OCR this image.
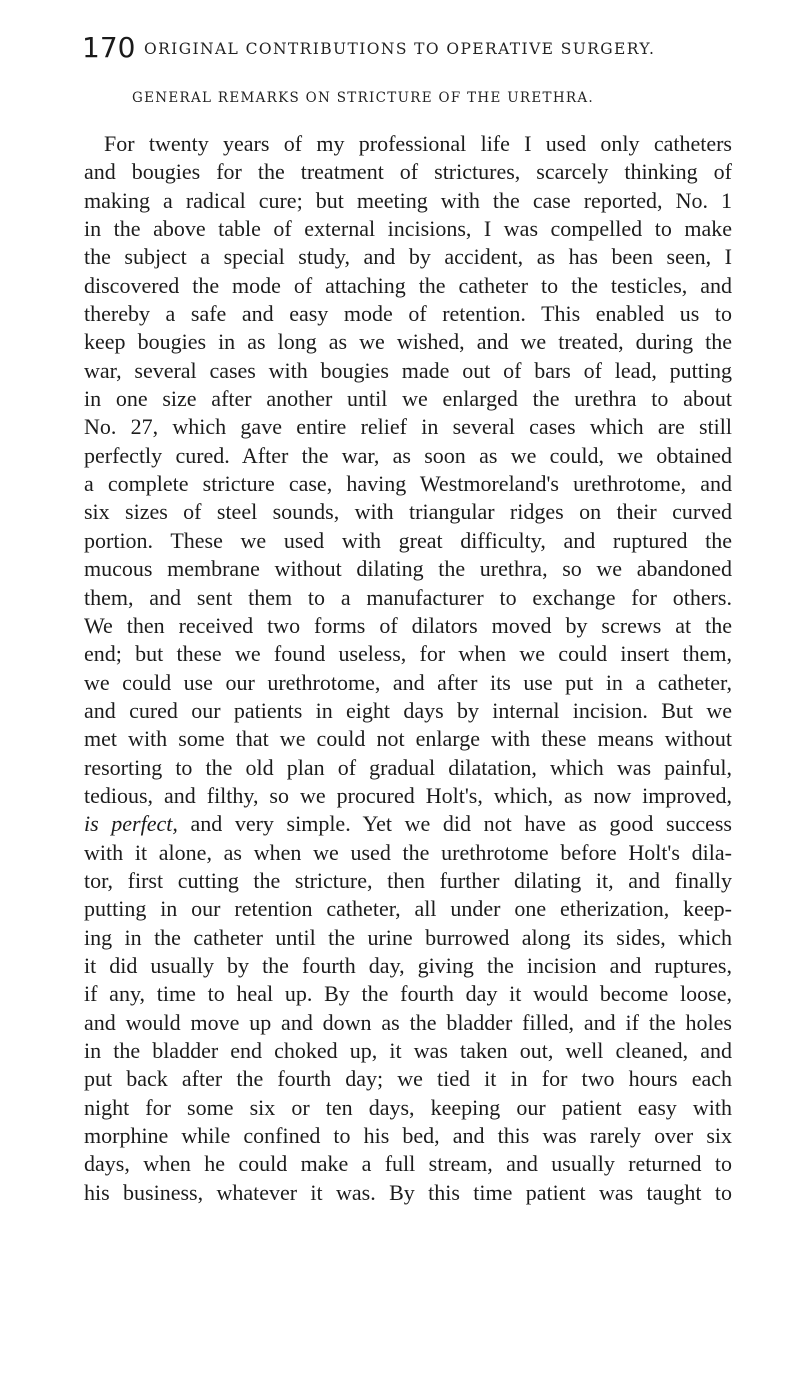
170 ORIGINAL CONTRIBUTIONS TO OPERATIVE SURGERY.
GENERAL REMARKS ON STRICTURE OF THE URETHRA.
For twenty years of my professional life I used only catheters
and bougies for the treatment of strictures, scarcely thinking of
making a radical cure; but meeting with the case reported, No. 1
in the above table of external incisions, I was compelled to make
the subject a special study, and by accident, as has been seen, I
discovered the mode of attaching the catheter to the testicles, and
thereby a safe and easy mode of retention. This enabled us to
keep bougies in as long as we wished, and we treated, during the
war, several cases with bougies made out of bars of lead, putting
in one size after another until we enlarged the urethra to about
No. 27, which gave entire relief in several cases which are still
perfectly cured. After the war, as soon as we could, we obtained
a complete stricture case, having Westmoreland's urethrotome, and
six sizes of steel sounds, with triangular ridges on their curved
portion. These we used with great difficulty, and ruptured the
mucous membrane without dilating the urethra, so we abandoned
them, and sent them to a manufacturer to exchange for others.
We then received two forms of dilators moved by screws at the
end; but these we found useless, for when we could insert them,
we could use our urethrotome, and after its use put in a catheter,
and cured our patients in eight days by internal incision. But we
met with some that we could not enlarge with these means without
resorting to the old plan of gradual dilatation, which was painful,
tedious, and filthy, so we procured Holt's, which, as now improved,
is perfect, and very simple. Yet we did not have as good success
with it alone, as when we used the urethrotome before Holt's dila-
tor, first cutting the stricture, then further dilating it, and finally
putting in our retention catheter, all under one etherization, keep-
ing in the catheter until the urine burrowed along its sides, which
it did usually by the fourth day, giving the incision and ruptures,
if any, time to heal up. By the fourth day it would become loose,
and would move up and down as the bladder filled, and if the holes
in the bladder end choked up, it was taken out, well cleaned, and
put back after the fourth day; we tied it in for two hours each
night for some six or ten days, keeping our patient easy with
morphine while confined to his bed, and this was rarely over six
days, when he could make a full stream, and usually returned to
his business, whatever it was. By this time patient was taught to
